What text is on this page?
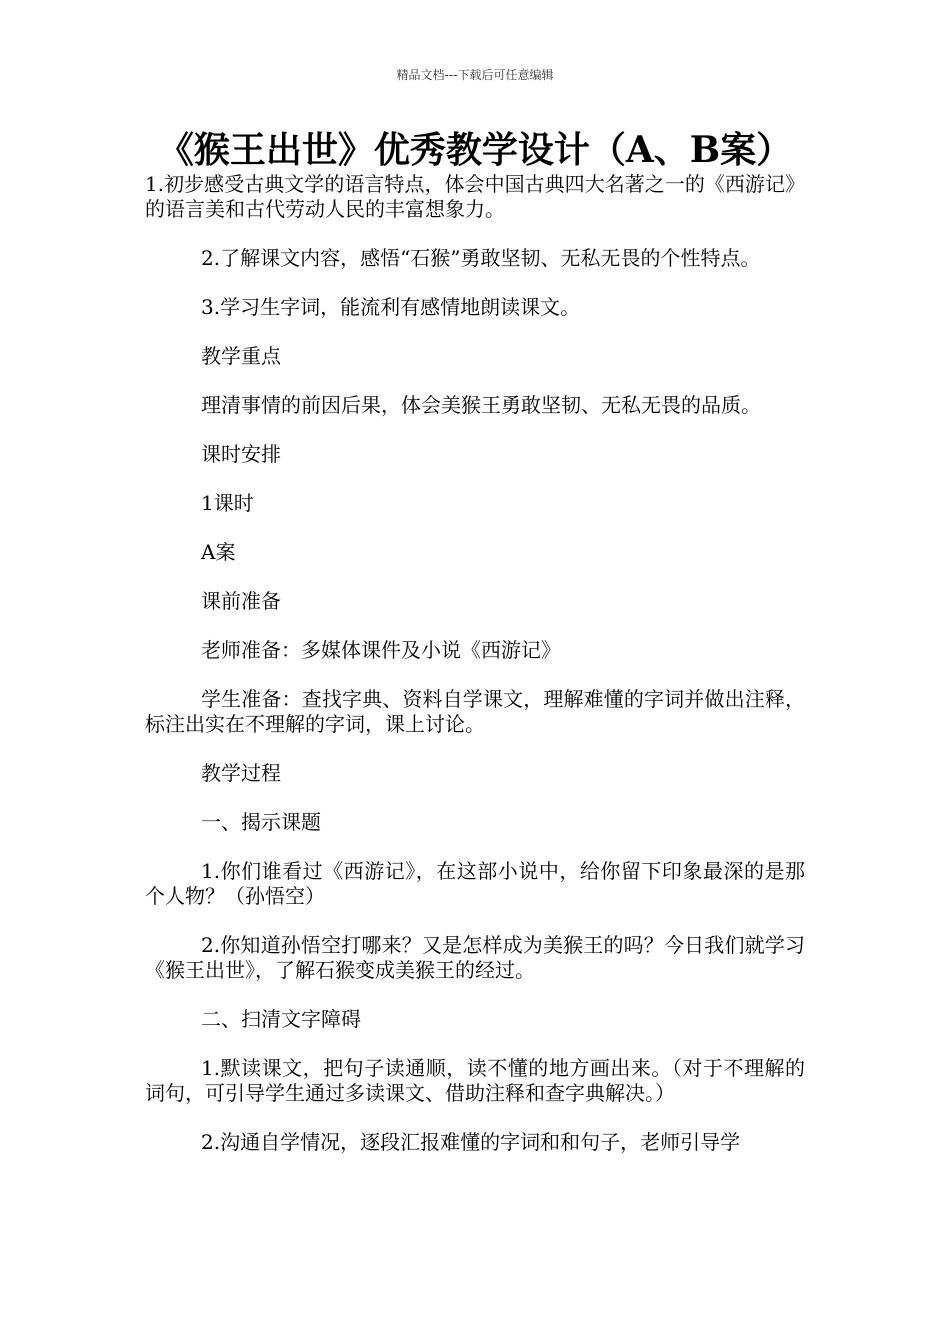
精品文档---下载后可任意编辑
《猴王出世》优秀教学设计（A、B案）

1.初步感受古典文学的语言特点，体会中国古典四大名著之一的《西游记》的语言美和古代劳动人民的丰富想象力。

2.了解课文内容，感悟“石猴”勇敢坚韧、无私无畏的个性特点。

3.学习生字词，能流利有感情地朗读课文。

教学重点

理清事情的前因后果，体会美猴王勇敢坚韧、无私无畏的品质。

课时安排

1课时

A案

课前准备

老师准备：多媒体课件及小说《西游记》

学生准备：查找字典、资料自学课文，理解难懂的字词并做出注释，标注出实在不理解的字词，课上讨论。

教学过程

一、揭示课题

1.你们谁看过《西游记》，在这部小说中，给你留下印象最深的是那个人物？（孙悟空）

2.你知道孙悟空打哪来？又是怎样成为美猴王的吗？今日我们就学习《猴王出世》，了解石猴变成美猴王的经过。

二、扫清文字障碍

1.默读课文，把句子读通顺，读不懂的地方画出来。（对于不理解的词句，可引导学生通过多读课文、借助注释和查字典解决。）

2.沟通自学情况，逐段汇报难懂的字词和和句子，老师引导学
